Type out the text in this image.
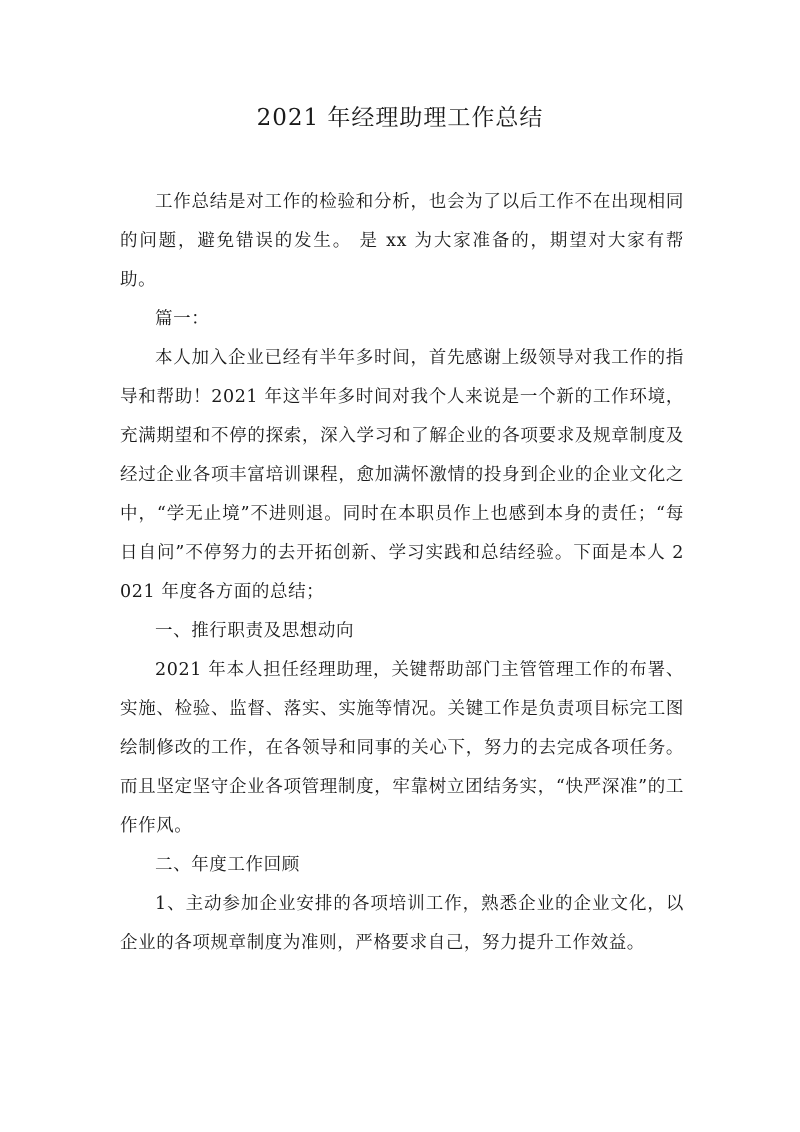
2021 年经理助理工作总结

工作总结是对工作的检验和分析，也会为了以后工作不在出现相同的问题，避免错误的发生。 是 xx 为大家准备的，期望对大家有帮助。

篇一：

本人加入企业已经有半年多时间，首先感谢上级领导对我工作的指导和帮助！2021 年这半年多时间对我个人来说是一个新的工作环境，充满期望和不停的探索，深入学习和了解企业的各项要求及规章制度及经过企业各项丰富培训课程，愈加满怀激情的投身到企业的企业文化之中，“学无止境”不进则退。同时在本职员作上也感到本身的责任；“每日自问”不停努力的去开拓创新、学习实践和总结经验。下面是本人 2021 年度各方面的总结；

一、推行职责及思想动向

2021 年本人担任经理助理，关键帮助部门主管管理工作的布署、实施、检验、监督、落实、实施等情况。关键工作是负责项目标完工图绘制修改的工作，在各领导和同事的关心下，努力的去完成各项任务。而且坚定坚守企业各项管理制度，牢靠树立团结务实，“快严深准”的工作作风。

二、年度工作回顾

1、主动参加企业安排的各项培训工作，熟悉企业的企业文化，以企业的各项规章制度为准则，严格要求自己，努力提升工作效益。
